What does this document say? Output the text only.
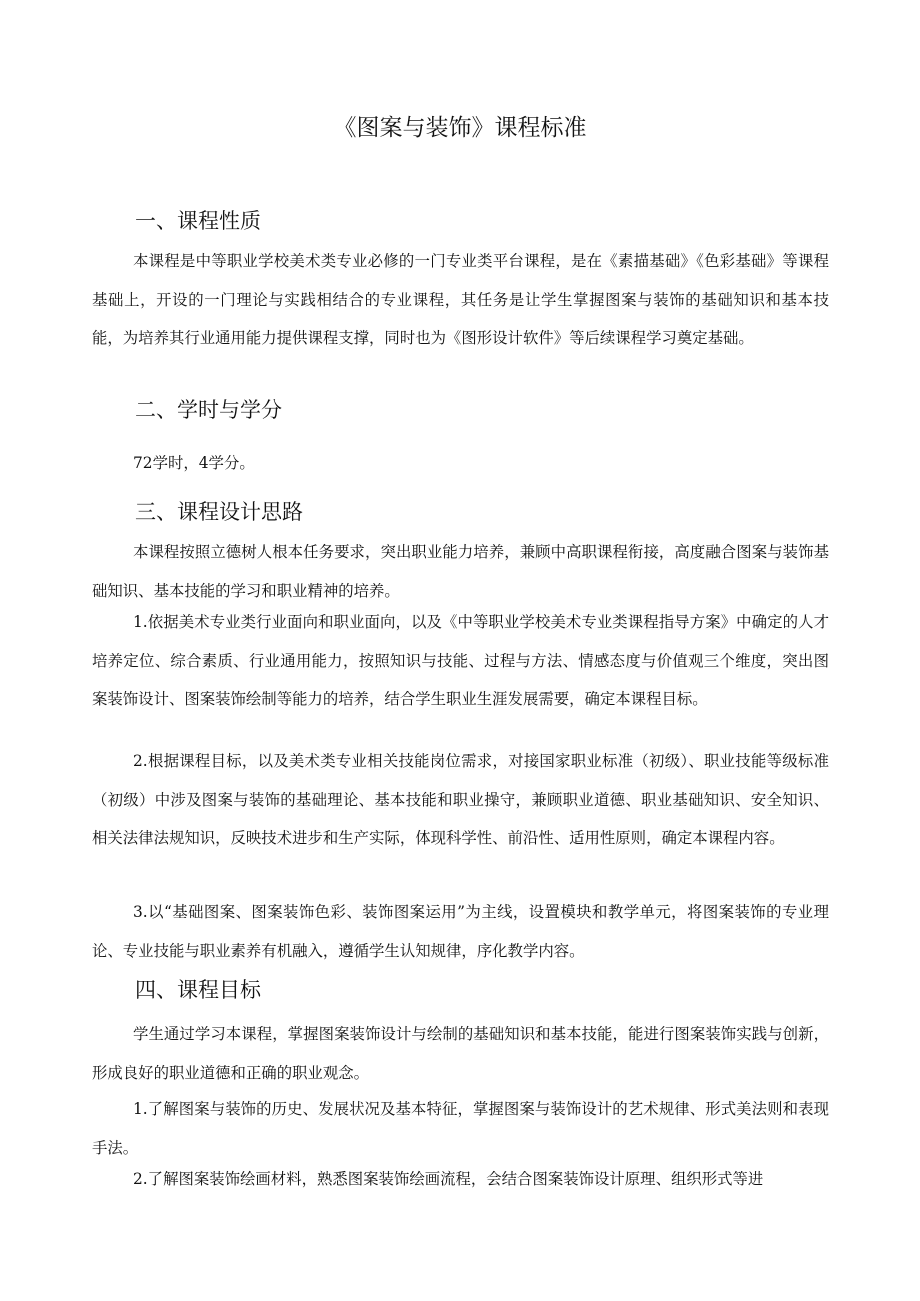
《图案与装饰》课程标准
一、课程性质
本课程是中等职业学校美术类专业必修的一门专业类平台课程，是在《素描基础》《色彩基础》等课程基础上，开设的一门理论与实践相结合的专业课程，其任务是让学生掌握图案与装饰的基础知识和基本技能，为培养其行业通用能力提供课程支撑，同时也为《图形设计软件》等后续课程学习奠定基础。
二、学时与学分
72学时，4学分。
三、课程设计思路
本课程按照立德树人根本任务要求，突出职业能力培养，兼顾中高职课程衔接，高度融合图案与装饰基础知识、基本技能的学习和职业精神的培养。
1.依据美术专业类行业面向和职业面向，以及《中等职业学校美术专业类课程指导方案》中确定的人才培养定位、综合素质、行业通用能力，按照知识与技能、过程与方法、情感态度与价值观三个维度，突出图案装饰设计、图案装饰绘制等能力的培养，结合学生职业生涯发展需要，确定本课程目标。
2.根据课程目标，以及美术类专业相关技能岗位需求，对接国家职业标准（初级）、职业技能等级标准（初级）中涉及图案与装饰的基础理论、基本技能和职业操守，兼顾职业道德、职业基础知识、安全知识、相关法律法规知识，反映技术进步和生产实际，体现科学性、前沿性、适用性原则，确定本课程内容。
3.以“基础图案、图案装饰色彩、装饰图案运用”为主线，设置模块和教学单元，将图案装饰的专业理论、专业技能与职业素养有机融入，遵循学生认知规律，序化教学内容。
四、课程目标
学生通过学习本课程，掌握图案装饰设计与绘制的基础知识和基本技能，能进行图案装饰实践与创新，形成良好的职业道德和正确的职业观念。
1.了解图案与装饰的历史、发展状况及基本特征，掌握图案与装饰设计的艺术规律、形式美法则和表现手法。
2.了解图案装饰绘画材料，熟悉图案装饰绘画流程，会结合图案装饰设计原理、组织形式等进
